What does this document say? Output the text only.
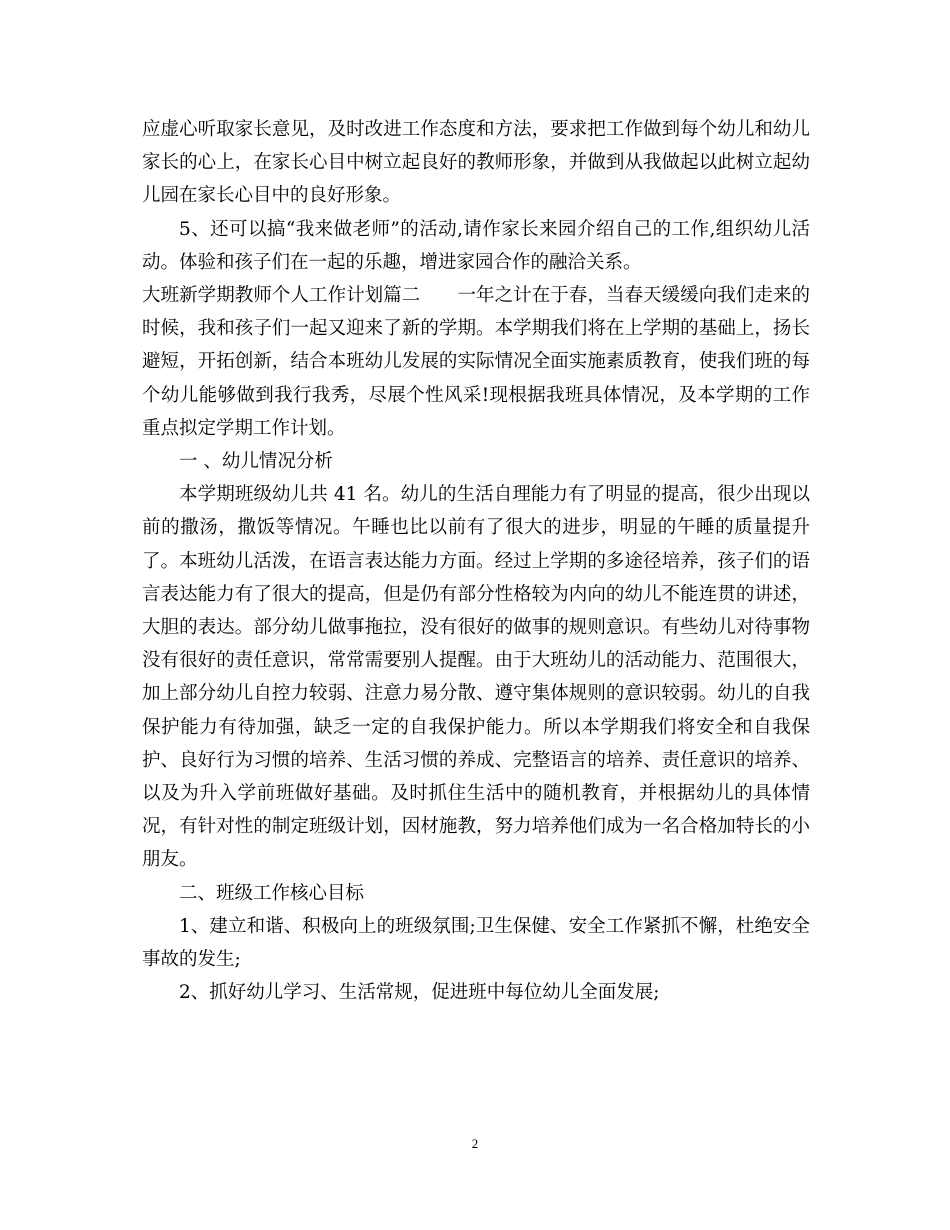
应虚心听取家长意见，及时改进工作态度和方法，要求把工作做到每个幼儿和幼儿家长的心上，在家长心目中树立起良好的教师形象，并做到从我做起以此树立起幼儿园在家长心目中的良好形象。

5、还可以搞“我来做老师”的活动,请作家长来园介绍自己的工作,组织幼儿活动。体验和孩子们在一起的乐趣，增进家园合作的融洽关系。

大班新学期教师个人工作计划篇二　　一年之计在于春，当春天缓缓向我们走来的时候，我和孩子们一起又迎来了新的学期。本学期我们将在上学期的基础上，扬长避短，开拓创新，结合本班幼儿发展的实际情况全面实施素质教育，使我们班的每个幼儿能够做到我行我秀，尽展个性风采!现根据我班具体情况，及本学期的工作重点拟定学期工作计划。

一 、幼儿情况分析

本学期班级幼儿共 41 名。幼儿的生活自理能力有了明显的提高，很少出现以前的撒汤，撒饭等情况。午睡也比以前有了很大的进步，明显的午睡的质量提升了。本班幼儿活泼，在语言表达能力方面。经过上学期的多途径培养，孩子们的语言表达能力有了很大的提高，但是仍有部分性格较为内向的幼儿不能连贯的讲述，大胆的表达。部分幼儿做事拖拉，没有很好的做事的规则意识。有些幼儿对待事物没有很好的责任意识，常常需要别人提醒。由于大班幼儿的活动能力、范围很大，加上部分幼儿自控力较弱、注意力易分散、遵守集体规则的意识较弱。幼儿的自我保护能力有待加强，缺乏一定的自我保护能力。所以本学期我们将安全和自我保护、良好行为习惯的培养、生活习惯的养成、完整语言的培养、责任意识的培养、以及为升入学前班做好基础。及时抓住生活中的随机教育，并根据幼儿的具体情况，有针对性的制定班级计划，因材施教，努力培养他们成为一名合格加特长的小朋友。

二、班级工作核心目标

1、建立和谐、积极向上的班级氛围;卫生保健、安全工作紧抓不懈，杜绝安全事故的发生;

2、抓好幼儿学习、生活常规，促进班中每位幼儿全面发展;

2
